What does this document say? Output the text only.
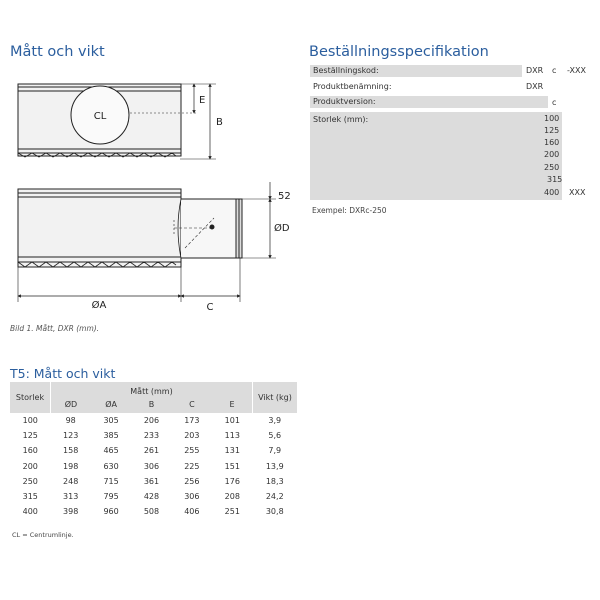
Mått och vikt	Beställningsspecifikation
Beställningskod:	DXR c -XXX
Produktbenämning:	DXR
Produktversion:	c
Storlek (mm):	100
125
160
200
250
315
400 XXX
Exempel: DXRc-250
CL
E
B
52
ØD
ØA	C
Bild 1. Mått, DXR (mm).
T5: Mått och vikt
Storlek	Mått (mm)					Vikt (kg)
	ØD	ØA	B	C	E	
100	98	305	206	173	101	3,9
125	123	385	233	203	113	5,6
160	158	465	261	255	131	7,9
200	198	630	306	225	151	13,9
250	248	715	361	256	176	18,3
315	313	795	428	306	208	24,2
400	398	960	508	406	251	30,8
CL = Centrumlinje.
